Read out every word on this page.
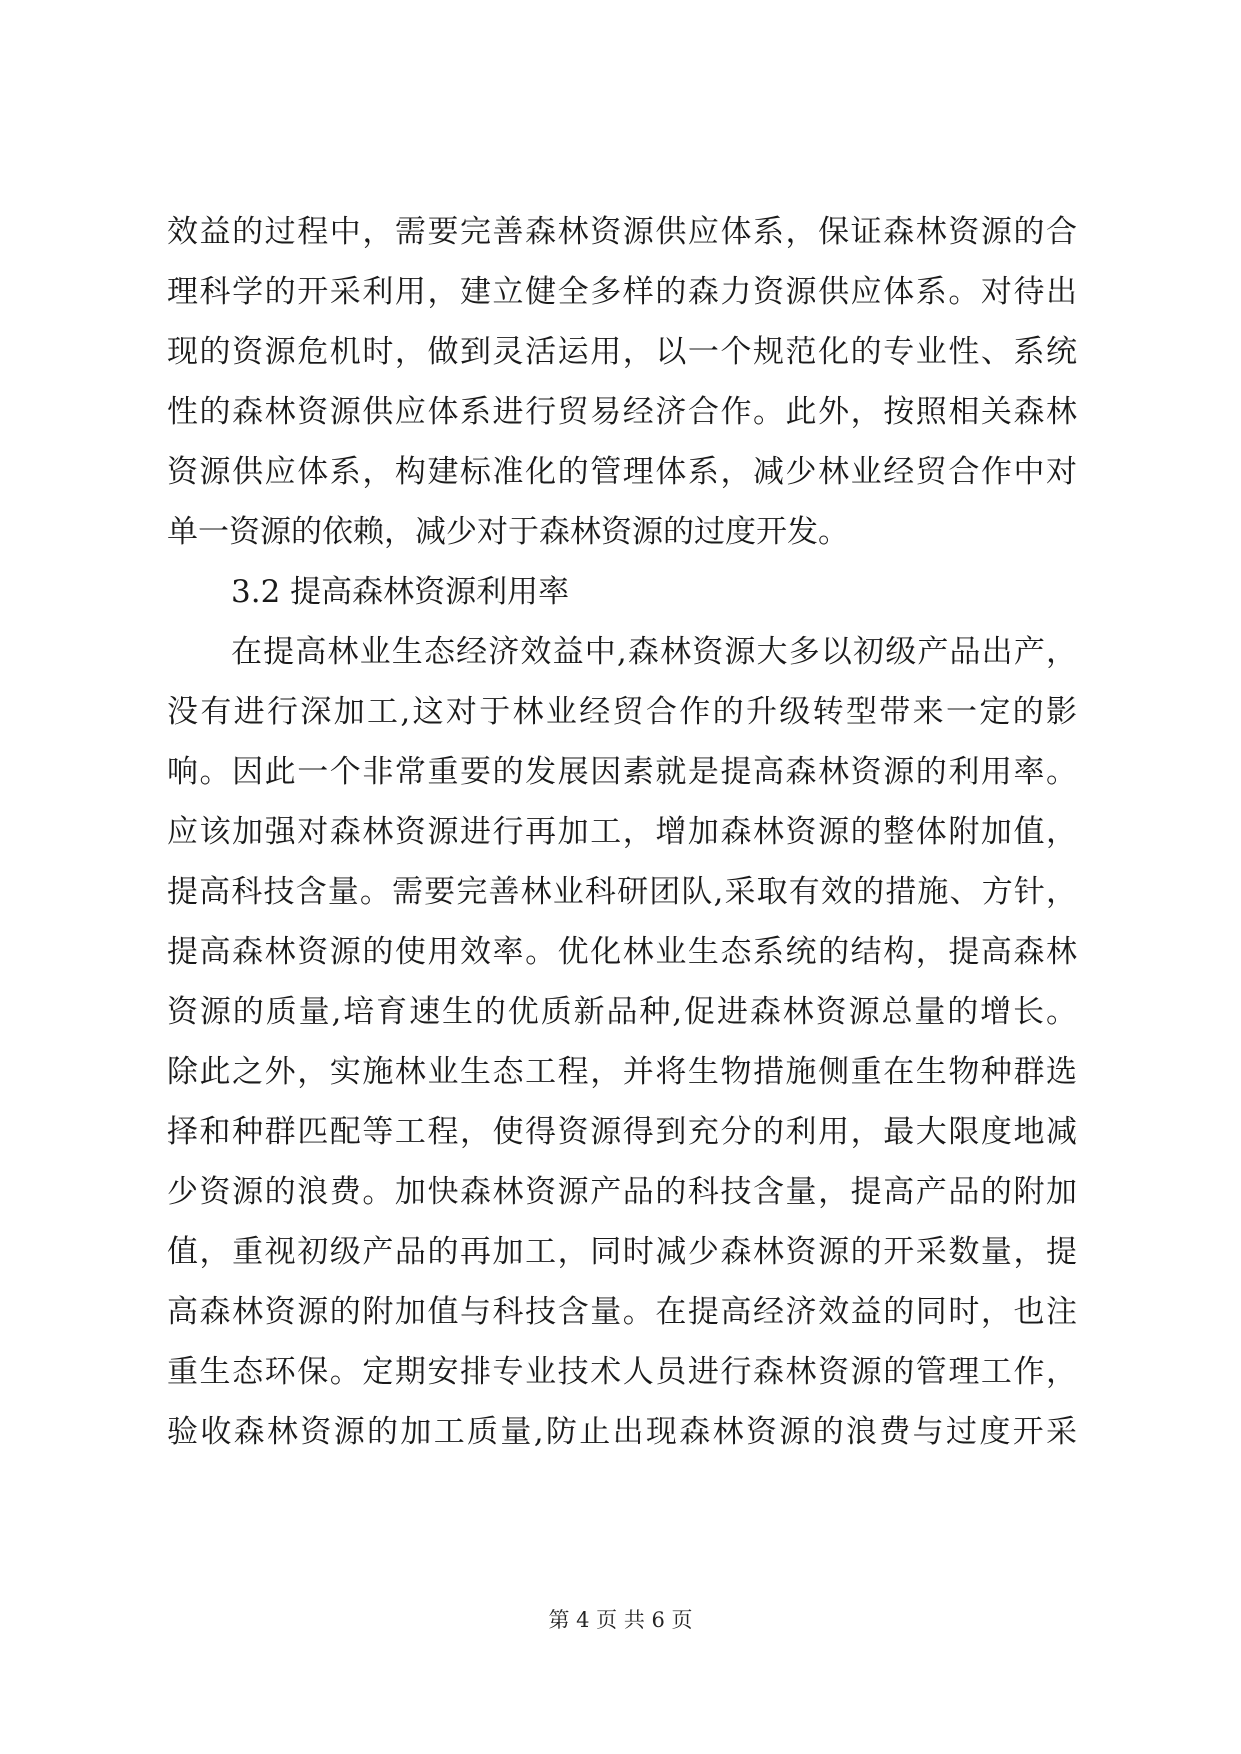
效益的过程中，需要完善森林资源供应体系，保证森林资源的合
理科学的开采利用，建立健全多样的森力资源供应体系。对待出
现的资源危机时，做到灵活运用，以一个规范化的专业性、系统
性的森林资源供应体系进行贸易经济合作。此外，按照相关森林
资源供应体系，构建标准化的管理体系，减少林业经贸合作中对
单一资源的依赖，减少对于森林资源的过度开发。
3.2 提高森林资源利用率
在提高林业生态经济效益中,森林资源大多以初级产品出产，
没有进行深加工,这对于林业经贸合作的升级转型带来一定的影
响。因此一个非常重要的发展因素就是提高森林资源的利用率。
应该加强对森林资源进行再加工，增加森林资源的整体附加值，
提高科技含量。需要完善林业科研团队,采取有效的措施、方针，
提高森林资源的使用效率。优化林业生态系统的结构，提高森林
资源的质量,培育速生的优质新品种,促进森林资源总量的增长。
除此之外，实施林业生态工程，并将生物措施侧重在生物种群选
择和种群匹配等工程，使得资源得到充分的利用，最大限度地减
少资源的浪费。加快森林资源产品的科技含量，提高产品的附加
值，重视初级产品的再加工，同时减少森林资源的开采数量，提
高森林资源的附加值与科技含量。在提高经济效益的同时，也注
重生态环保。定期安排专业技术人员进行森林资源的管理工作，
验收森林资源的加工质量,防止出现森林资源的浪费与过度开采
第 4 页 共 6 页
